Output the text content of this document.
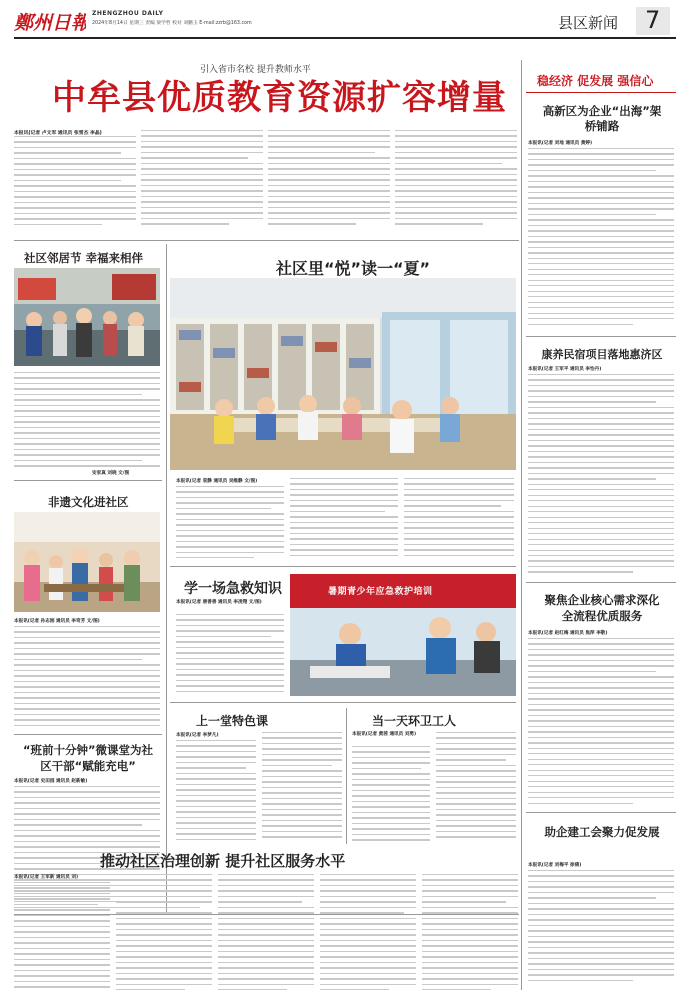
鄭州日報 ZHENGZHOU DAILY
2024年8月14日 星期三 责编 梁学哲 校对 刘鹏玉 E-mail:zzrb@163.com	县区新闻 7
引入省市名校 提升教师水平
中牟县优质教育资源扩容增量
本报讯(记者 卢文军 通讯员 张雪杰 李晶)
稳经济 促发展 强信心
高新区为企业“出海”架桥铺路
本报讯(记者 刘地 通讯员 黄婷)
康养民宿项目落地惠济区
本报讯(记者 王军平 通讯员 李怡丹)
聚焦企业核心需求深化全流程优质服务
本报讯(记者 赵红梅 通讯员 焦萍 李敬)
助企建工会聚力促发展
本报讯(记者 刘梅平 徐倩)
社区邻居节 幸福来相伴
安家真 刘晓 文/图
非遗文化进社区
本报讯(记者 孙志刚 通讯员 李奇芳 文/图)
“班前十分钟”微课堂为社区干部“赋能充电”
本报讯(记者 史田园 通讯员 赵新敏)
社区里“悦”读一“夏”
本报讯(记者 袁静 通讯员 吴维静 文/图)
学一场急救知识
本报讯(记者 唐善善 通讯员 李凌翔 文/图)
暑期青少年应急救护培训
上一堂特色课
本报讯(记者 李梦凡)
当一天环卫工人
本报讯(记者 黄茜 通讯员 刘勇)
推动社区治理创新 提升社区服务水平
本报讯(记者 王军新 通讯员 刘)
